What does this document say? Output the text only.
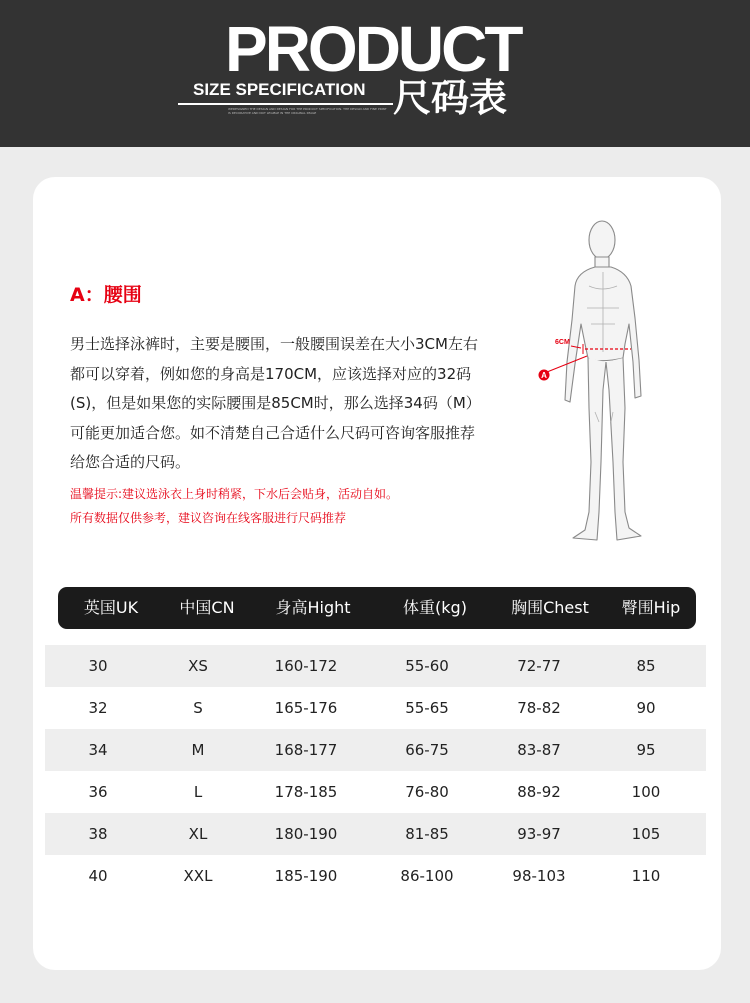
PRODUCT
SIZE SPECIFICATION 尺码表
WEDESIGNED THE DESIGN AND DESIGN FOR THE PRODUCT SPECIFICATION. THE DESIGN AND FINE PRINT IS DECORATIVE AND NOT LEGIBLE IN THE ORIGINAL IMAGE
A：腰围

男士选择泳裤时，主要是腰围，一般腰围误差在大小3CM左右都可以穿着，例如您的身高是170CM，应该选择对应的32码(S)，但是如果您的实际腰围是85CM时，那么选择34码（M）可能更加适合您。如不清楚自己合适什么尺码可咨询客服推荐给您合适的尺码。

温馨提示:建议选泳衣上身时稍紧，下水后会贴身，活动自如。

所有数据仅供参考，建议咨询在线客服进行尺码推荐

6CM
A
英国UK	中国CN	身高Hight	体重(kg)	胸围Chest	臀围Hip
30	XS	160-172	55-60	72-77	85
32	S	165-176	55-65	78-82	90
34	M	168-177	66-75	83-87	95
36	L	178-185	76-80	88-92	100
38	XL	180-190	81-85	93-97	105
40	XXL	185-190	86-100	98-103	110
